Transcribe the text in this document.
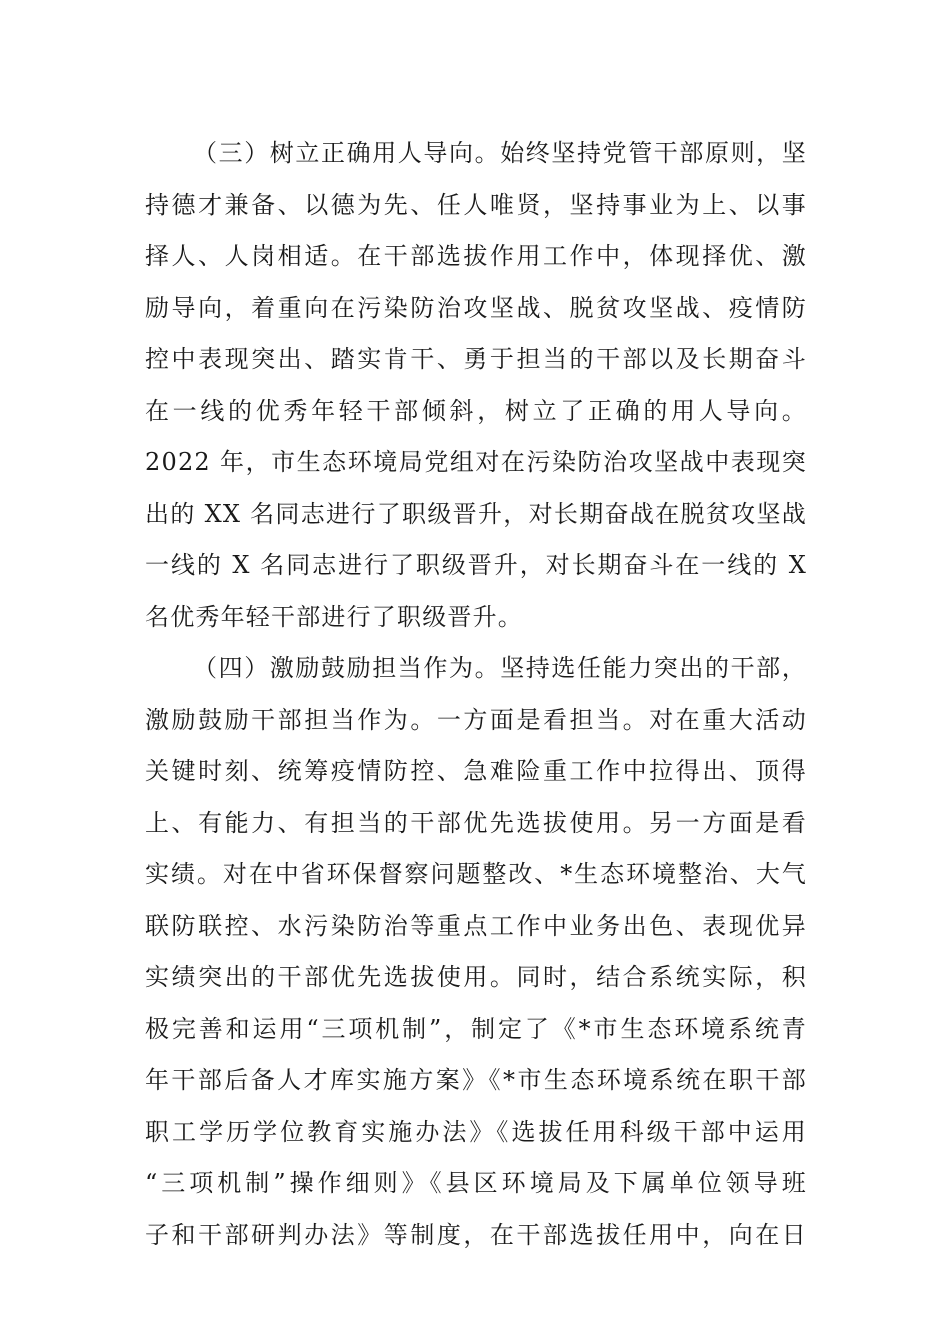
（三）树立正确用人导向。始终坚持党管干部原则，坚
持德才兼备、以德为先、任人唯贤，坚持事业为上、以事
择人、人岗相适。在干部选拔作用工作中，体现择优、激
励导向，着重向在污染防治攻坚战、脱贫攻坚战、疫情防
控中表现突出、踏实肯干、勇于担当的干部以及长期奋斗
在一线的优秀年轻干部倾斜，树立了正确的用人导向。
2022 年，市生态环境局党组对在污染防治攻坚战中表现突
出的 XX 名同志进行了职级晋升，对长期奋战在脱贫攻坚战
一线的 X 名同志进行了职级晋升，对长期奋斗在一线的 X
名优秀年轻干部进行了职级晋升。
（四）激励鼓励担当作为。坚持选任能力突出的干部，
激励鼓励干部担当作为。一方面是看担当。对在重大活动
关键时刻、统筹疫情防控、急难险重工作中拉得出、顶得
上、有能力、有担当的干部优先选拔使用。另一方面是看
实绩。对在中省环保督察问题整改、*生态环境整治、大气
联防联控、水污染防治等重点工作中业务出色、表现优异
实绩突出的干部优先选拔使用。同时，结合系统实际，积
极完善和运用“三项机制”，制定了《*市生态环境系统青
年干部后备人才库实施方案》《*市生态环境系统在职干部
职工学历学位教育实施办法》《选拔任用科级干部中运用
“三项机制”操作细则》《县区环境局及下属单位领导班
子和干部研判办法》等制度，在干部选拔任用中，向在日
